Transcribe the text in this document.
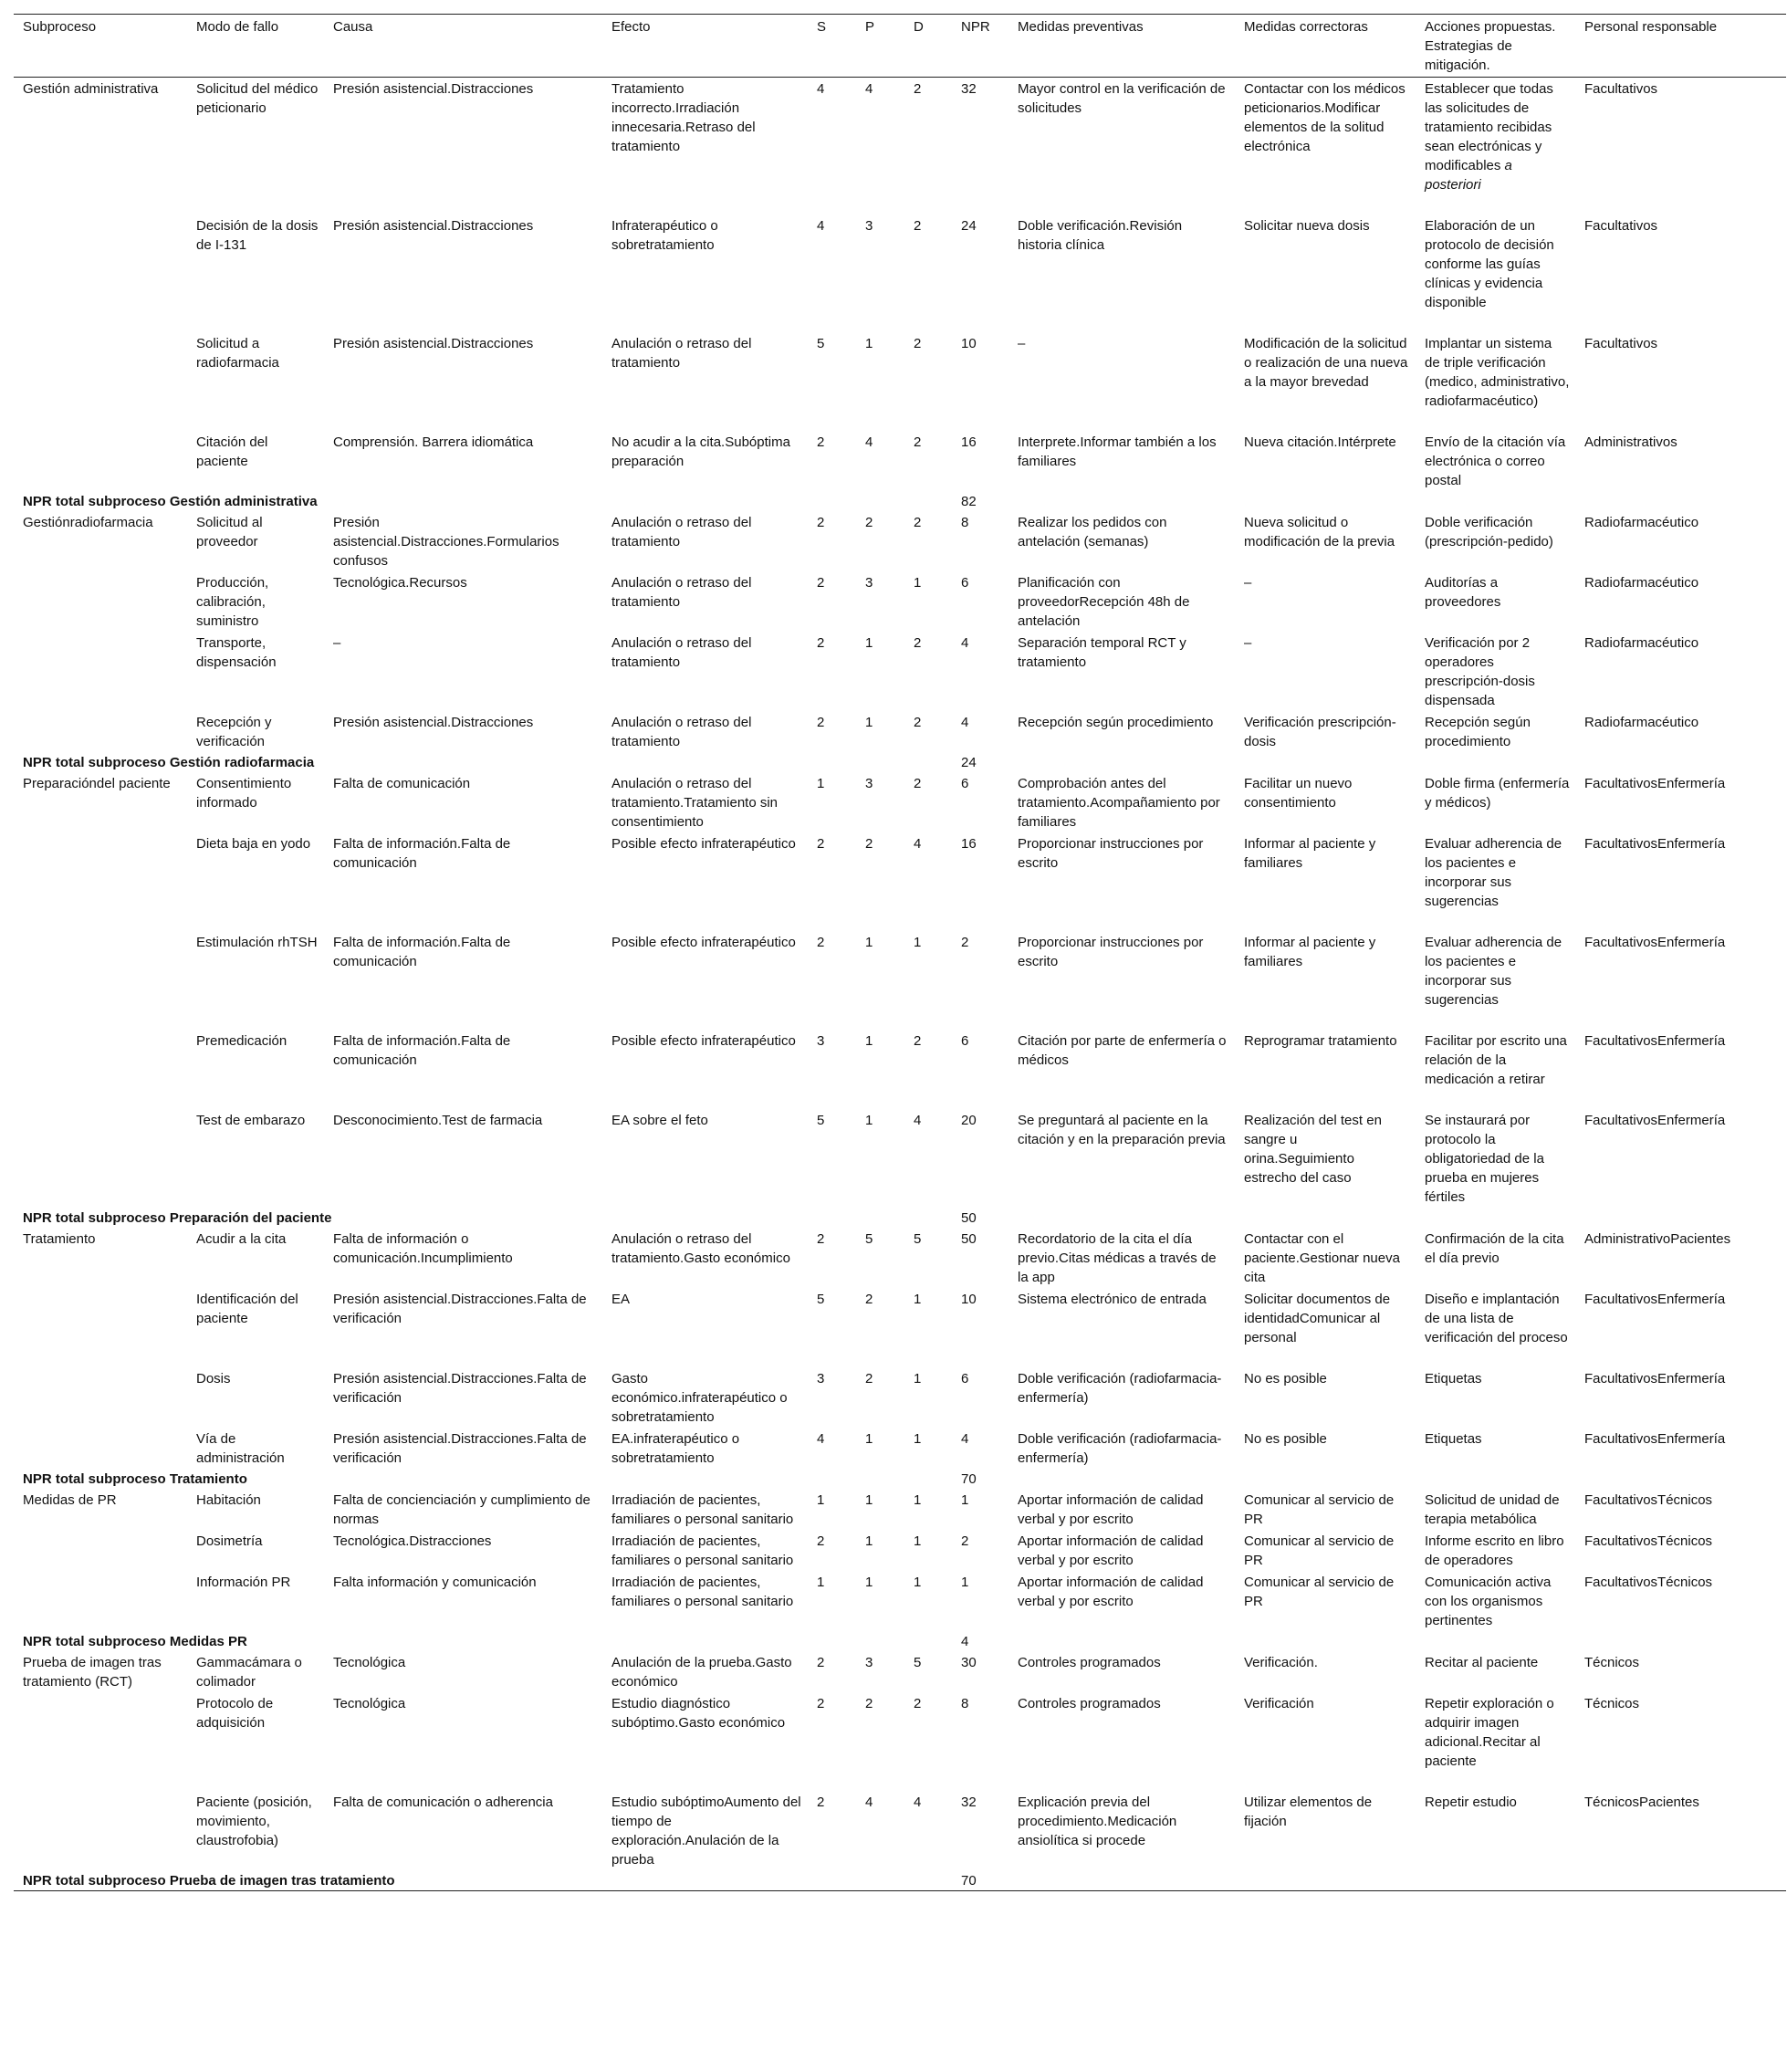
Subproceso	Modo de fallo	Causa	Efecto	S	P	D	NPR	Medidas preventivas	Medidas correctoras	Acciones propuestas. Estrategias de mitigación.	Personal responsable
Gestión administrativa	Solicitud del médico peticionario	Presión asistencial.Distracciones	Tratamiento incorrecto.Irradiación innecesaria.Retraso del tratamiento	4	4	2	32	Mayor control en la verificación de solicitudes	Contactar con los médicos peticionarios.Modificar elementos de la solitud electrónica	Establecer que todas las solicitudes de tratamiento recibidas sean electrónicas y modificables a posteriori	Facultativos
	Decisión de la dosis de I-131	Presión asistencial.Distracciones	Infraterapéutico o sobretratamiento	4	3	2	24	Doble verificación.Revisión historia clínica	Solicitar nueva dosis	Elaboración de un protocolo de decisión conforme las guías clínicas y evidencia disponible	Facultativos
	Solicitud a radiofarmacia	Presión asistencial.Distracciones	Anulación o retraso del tratamiento	5	1	2	10	–	Modificación de la solicitud o realización de una nueva a la mayor brevedad	Implantar un sistema de triple verificación (medico, administrativo, radiofarmacéutico)	Facultativos
	Citación del paciente	Comprensión. Barrera idiomática	No acudir a la cita.Subóptima preparación	2	4	2	16	Interprete.Informar también a los familiares	Nueva citación.Intérprete	Envío de la citación vía electrónica o correo postal	Administrativos
NPR total subproceso Gestión administrativa							82				
Gestiónradiofarmacia	Solicitud al proveedor	Presión asistencial.Distracciones.Formularios confusos	Anulación o retraso del tratamiento	2	2	2	8	Realizar los pedidos con antelación (semanas)	Nueva solicitud o modificación de la previa	Doble verificación (prescripción-pedido)	Radiofarmacéutico
	Producción, calibración, suministro	Tecnológica.Recursos	Anulación o retraso del tratamiento	2	3	1	6	Planificación con proveedorRecepción 48h de antelación	–	Auditorías a proveedores	Radiofarmacéutico
	Transporte, dispensación	–	Anulación o retraso del tratamiento	2	1	2	4	Separación temporal RCT y tratamiento	–	Verificación por 2 operadores prescripción-dosis dispensada	Radiofarmacéutico
	Recepción y verificación	Presión asistencial.Distracciones	Anulación o retraso del tratamiento	2	1	2	4	Recepción según procedimiento	Verificación prescripción-dosis	Recepción según procedimiento	Radiofarmacéutico
NPR total subproceso Gestión radiofarmacia							24				
Preparacióndel paciente	Consentimiento informado	Falta de comunicación	Anulación o retraso del tratamiento.Tratamiento sin consentimiento	1	3	2	6	Comprobación antes del tratamiento.Acompañamiento por familiares	Facilitar un nuevo consentimiento	Doble firma (enfermería y médicos)	FacultativosEnfermería
	Dieta baja en yodo	Falta de información.Falta de comunicación	Posible efecto infraterapéutico	2	2	4	16	Proporcionar instrucciones por escrito	Informar al paciente y familiares	Evaluar adherencia de los pacientes e incorporar sus sugerencias	FacultativosEnfermería
	Estimulación rhTSH	Falta de información.Falta de comunicación	Posible efecto infraterapéutico	2	1	1	2	Proporcionar instrucciones por escrito	Informar al paciente y familiares	Evaluar adherencia de los pacientes e incorporar sus sugerencias	FacultativosEnfermería
	Premedicación	Falta de información.Falta de comunicación	Posible efecto infraterapéutico	3	1	2	6	Citación por parte de enfermería o médicos	Reprogramar tratamiento	Facilitar por escrito una relación de la medicación a retirar	FacultativosEnfermería
	Test de embarazo	Desconocimiento.Test de farmacia	EA sobre el feto	5	1	4	20	Se preguntará al paciente en la citación y en la preparación previa	Realización del test en sangre u orina.Seguimiento estrecho del caso	Se instaurará por protocolo la obligatoriedad de la prueba en mujeres fértiles	FacultativosEnfermería
NPR total subproceso Preparación del paciente							50				
Tratamiento	Acudir a la cita	Falta de información o comunicación.Incumplimiento	Anulación o retraso del tratamiento.Gasto económico	2	5	5	50	Recordatorio de la cita el día previo.Citas médicas a través de la app	Contactar con el paciente.Gestionar nueva cita	Confirmación de la cita el día previo	AdministrativoPacientes
	Identificación del paciente	Presión asistencial.Distracciones.Falta de verificación	EA	5	2	1	10	Sistema electrónico de entrada	Solicitar documentos de identidadComunicar al personal	Diseño e implantación de una lista de verificación del proceso	FacultativosEnfermería
	Dosis	Presión asistencial.Distracciones.Falta de verificación	Gasto económico.infraterapéutico o sobretratamiento	3	2	1	6	Doble verificación (radiofarmacia-enfermería)	No es posible	Etiquetas	FacultativosEnfermería
	Vía de administración	Presión asistencial.Distracciones.Falta de verificación	EA.infraterapéutico o sobretratamiento	4	1	1	4	Doble verificación (radiofarmacia-enfermería)	No es posible	Etiquetas	FacultativosEnfermería
NPR total subproceso Tratamiento							70				
Medidas de PR	Habitación	Falta de concienciación y cumplimiento de normas	Irradiación de pacientes, familiares o personal sanitario	1	1	1	1	Aportar información de calidad verbal y por escrito	Comunicar al servicio de PR	Solicitud de unidad de terapia metabólica	FacultativosTécnicos
	Dosimetría	Tecnológica.Distracciones	Irradiación de pacientes, familiares o personal sanitario	2	1	1	2	Aportar información de calidad verbal y por escrito	Comunicar al servicio de PR	Informe escrito en libro de operadores	FacultativosTécnicos
	Información PR	Falta información y comunicación	Irradiación de pacientes, familiares o personal sanitario	1	1	1	1	Aportar información de calidad verbal y por escrito	Comunicar al servicio de PR	Comunicación activa con los organismos pertinentes	FacultativosTécnicos
NPR total subproceso Medidas PR							4				
Prueba de imagen tras tratamiento (RCT)	Gammacámara o colimador	Tecnológica	Anulación de la prueba.Gasto económico	2	3	5	30	Controles programados	Verificación.	Recitar al paciente	Técnicos
	Protocolo de adquisición	Tecnológica	Estudio diagnóstico subóptimo.Gasto económico	2	2	2	8	Controles programados	Verificación	Repetir exploración o adquirir imagen adicional.Recitar al paciente	Técnicos
	Paciente (posición, movimiento, claustrofobia)	Falta de comunicación o adherencia	Estudio subóptimoAumento del tiempo de exploración.Anulación de la prueba	2	4	4	32	Explicación previa del procedimiento.Medicación ansiolítica si procede	Utilizar elementos de fijación	Repetir estudio	TécnicosPacientes
NPR total subproceso Prueba de imagen tras tratamiento							70				
